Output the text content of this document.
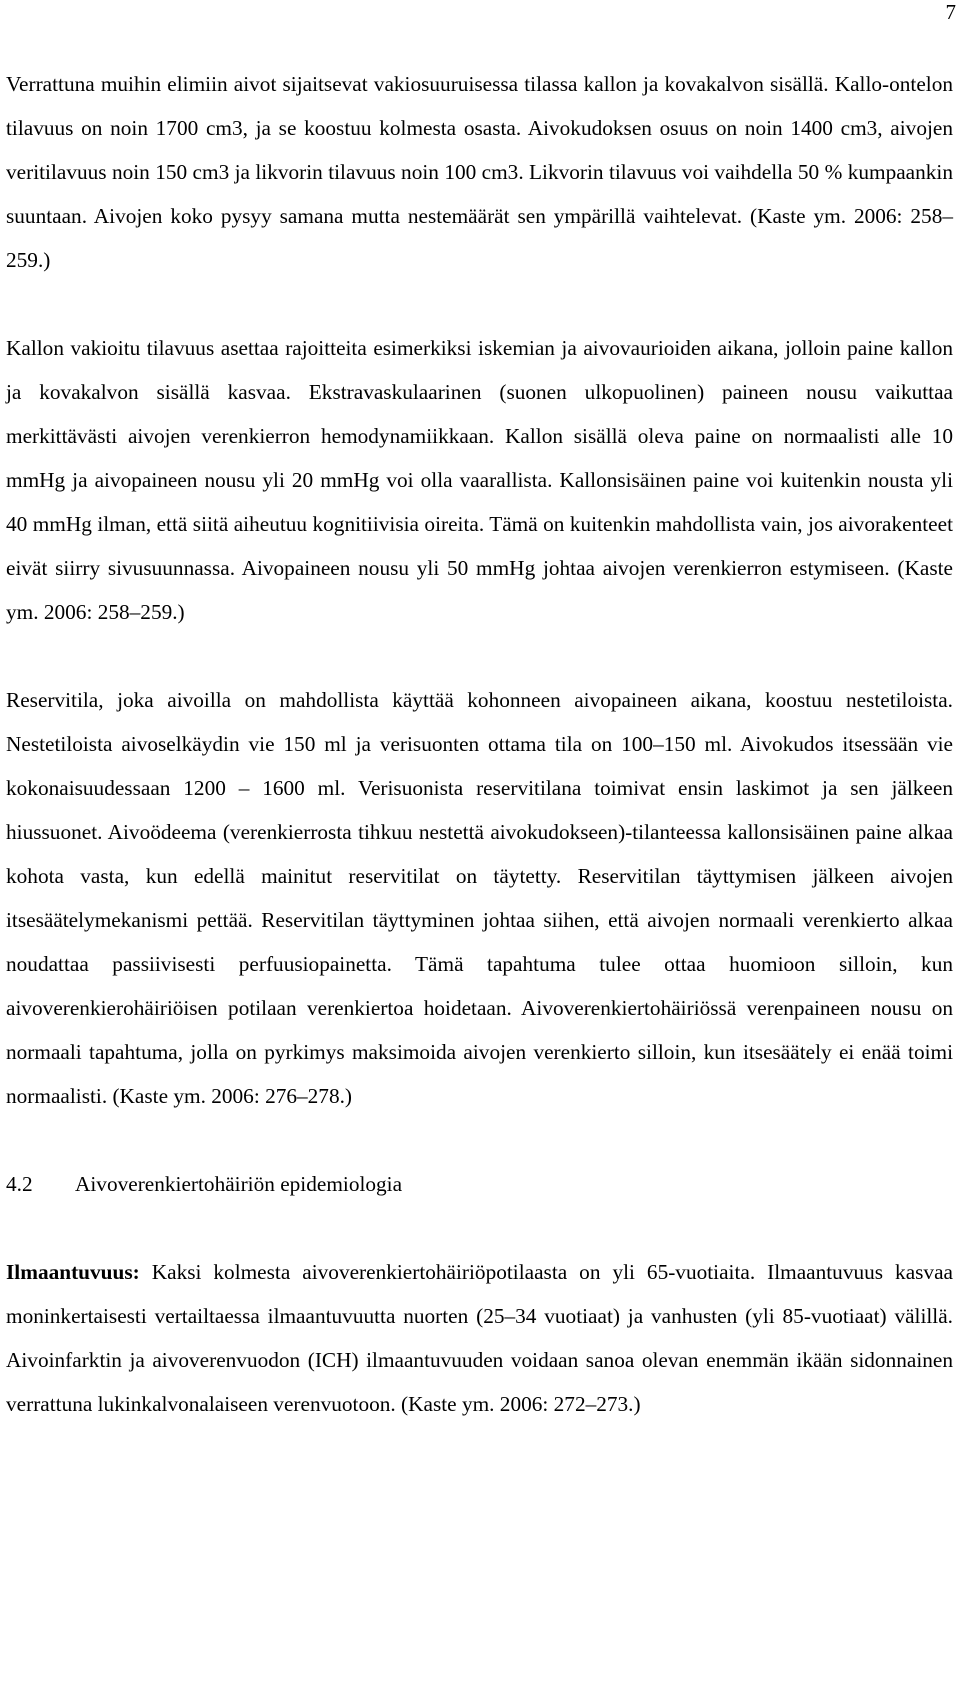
7

Verrattuna muihin elimiin aivot sijaitsevat vakiosuuruisessa tilassa kallon ja kovakalvon sisällä. Kallo-ontelon tilavuus on noin 1700 cm3, ja se koostuu kolmesta osasta. Aivokudoksen osuus on noin 1400 cm3, aivojen veritilavuus noin 150 cm3 ja likvorin tilavuus noin 100 cm3. Likvorin tilavuus voi vaihdella 50 % kumpaankin suuntaan. Aivojen koko pysyy samana mutta nestemäärät sen ympärillä vaihtelevat. (Kaste ym. 2006: 258–259.)

Kallon vakioitu tilavuus asettaa rajoitteita esimerkiksi iskemian ja aivovaurioiden aikana, jolloin paine kallon ja kovakalvon sisällä kasvaa. Ekstravaskulaarinen (suonen ulkopuolinen) paineen nousu vaikuttaa merkittävästi aivojen verenkierron hemodynamiikkaan. Kallon sisällä oleva paine on normaalisti alle 10 mmHg ja aivopaineen nousu yli 20 mmHg voi olla vaarallista. Kallonsisäinen paine voi kuitenkin nousta yli 40 mmHg ilman, että siitä aiheutuu kognitiivisia oireita. Tämä on kuitenkin mahdollista vain, jos aivorakenteet eivät siirry sivusuunnassa. Aivopaineen nousu yli 50 mmHg johtaa aivojen verenkierron estymiseen. (Kaste ym. 2006: 258–259.)

Reservitila, joka aivoilla on mahdollista käyttää kohonneen aivopaineen aikana, koostuu nestetiloista. Nestetiloista aivoselkäydin vie 150 ml ja verisuonten ottama tila on 100–150 ml. Aivokudos itsessään vie kokonaisuudessaan 1200 – 1600 ml. Verisuonista reservitilana toimivat ensin laskimot ja sen jälkeen hiussuonet. Aivoödeema (verenkierrosta tihkuu nestettä aivokudokseen)-tilanteessa kallonsisäinen paine alkaa kohota vasta, kun edellä mainitut reservitilat on täytetty. Reservitilan täyttymisen jälkeen aivojen itsesäätelymekanismi pettää. Reservitilan täyttyminen johtaa siihen, että aivojen normaali verenkierto alkaa noudattaa passiivisesti perfuusiopainetta. Tämä tapahtuma tulee ottaa huomioon silloin, kun aivoverenkierohäiriöisen potilaan verenkiertoa hoidetaan. Aivoverenkiertohäiriössä verenpaineen nousu on normaali tapahtuma, jolla on pyrkimys maksimoida aivojen verenkierto silloin, kun itsesäätely ei enää toimi normaalisti. (Kaste ym. 2006: 276–278.)

4.2 Aivoverenkiertohäiriön epidemiologia

Ilmaantuvuus: Kaksi kolmesta aivoverenkiertohäiriöpotilaasta on yli 65-vuotiaita. Ilmaantuvuus kasvaa moninkertaisesti vertailtaessa ilmaantuvuutta nuorten (25–34 vuotiaat) ja vanhusten (yli 85-vuotiaat) välillä. Aivoinfarktin ja aivoverenvuodon (ICH) ilmaantuvuuden voidaan sanoa olevan enemmän ikään sidonnainen verrattuna lukinkalvonalaiseen verenvuotoon. (Kaste ym. 2006: 272–273.)
